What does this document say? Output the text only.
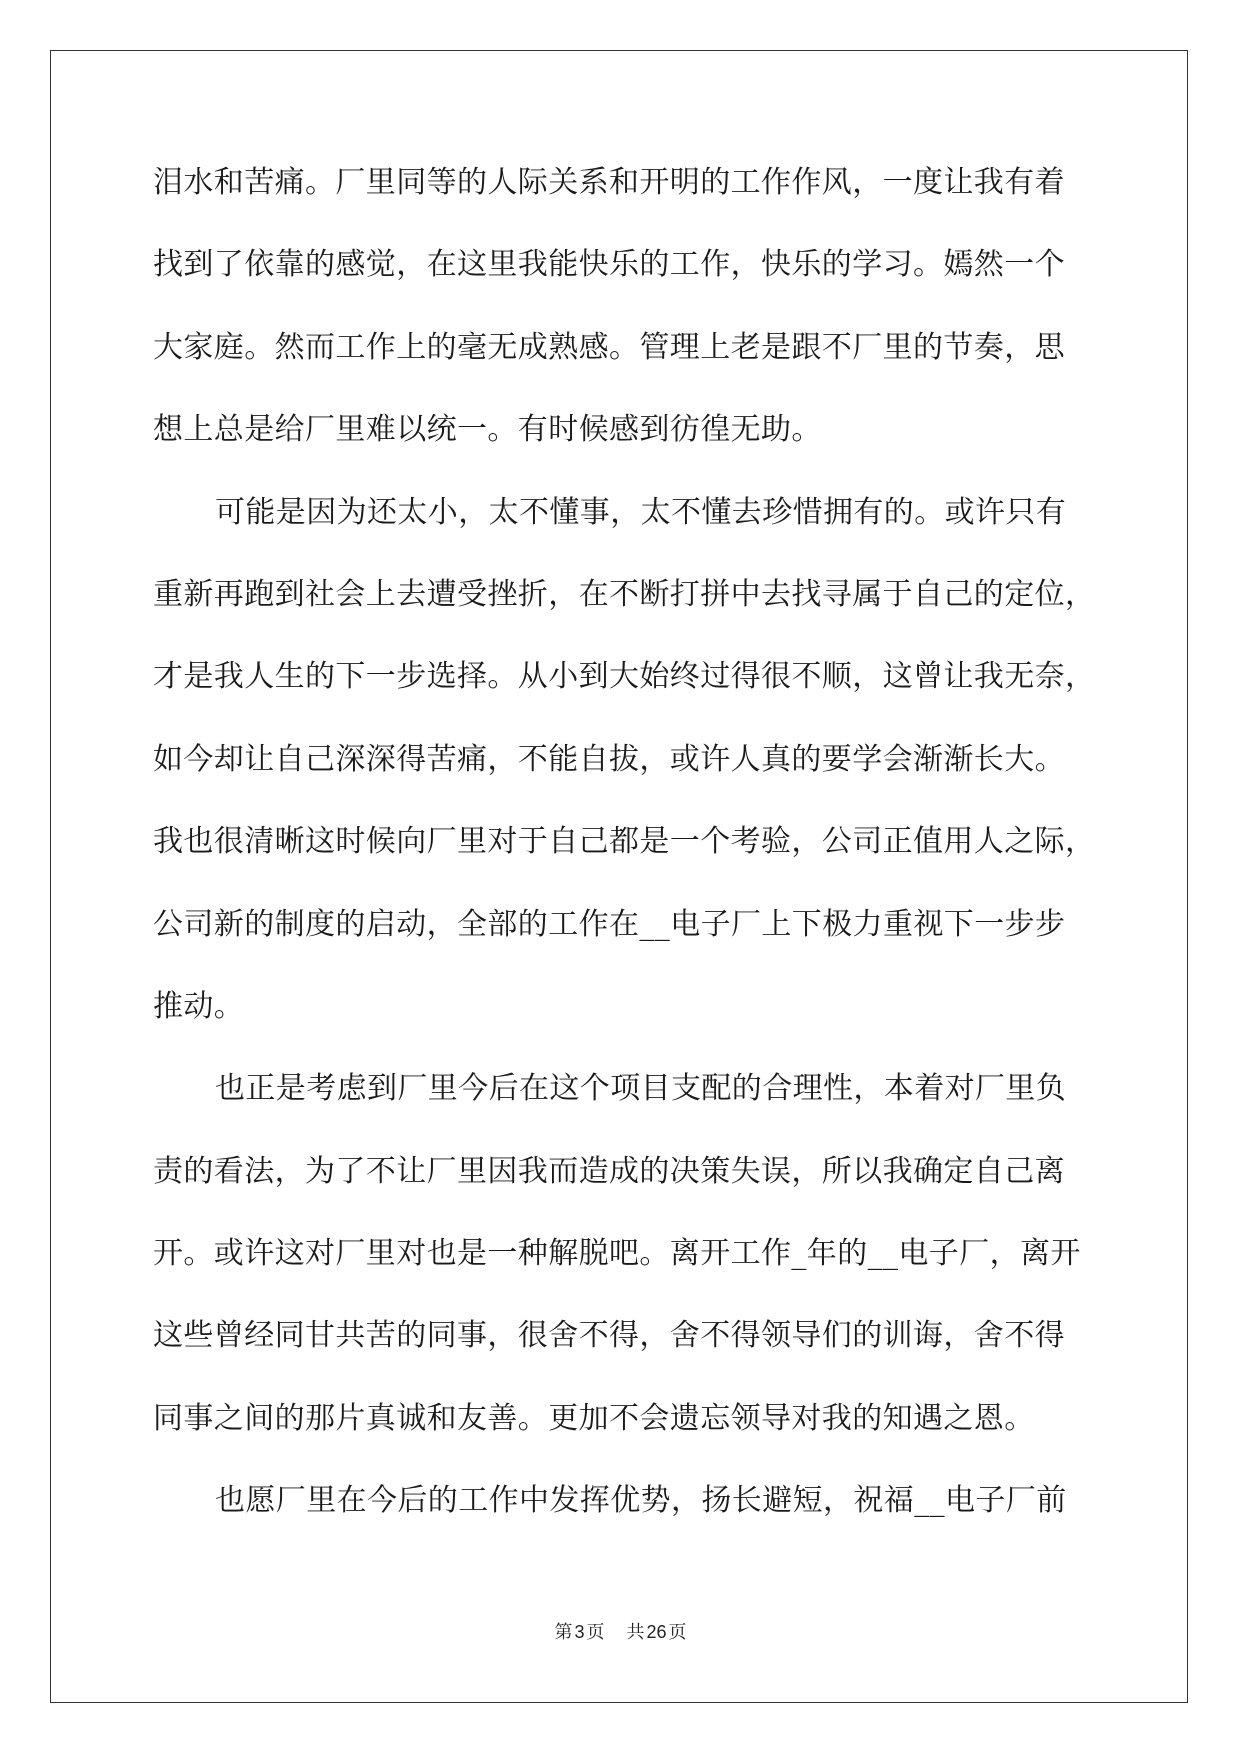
泪水和苦痛。厂里同等的人际关系和开明的工作作风，一度让我有着
找到了依靠的感觉，在这里我能快乐的工作，快乐的学习。嫣然一个
大家庭。然而工作上的毫无成熟感。管理上老是跟不厂里的节奏，思
想上总是给厂里难以统一。有时候感到彷徨无助。
可能是因为还太小，太不懂事，太不懂去珍惜拥有的。或许只有
重新再跑到社会上去遭受挫折，在不断打拼中去找寻属于自己的定位，
才是我人生的下一步选择。从小到大始终过得很不顺，这曾让我无奈，
如今却让自己深深得苦痛，不能自拔，或许人真的要学会渐渐长大。
我也很清晰这时候向厂里对于自己都是一个考验，公司正值用人之际，
公司新的制度的启动，全部的工作在__电子厂上下极力重视下一步步
推动。
也正是考虑到厂里今后在这个项目支配的合理性，本着对厂里负
责的看法，为了不让厂里因我而造成的决策失误，所以我确定自己离
开。或许这对厂里对也是一种解脱吧。离开工作_年的__电子厂，离开
这些曾经同甘共苦的同事，很舍不得，舍不得领导们的训诲，舍不得
同事之间的那片真诚和友善。更加不会遗忘领导对我的知遇之恩。
也愿厂里在今后的工作中发挥优势，扬长避短，祝福__电子厂前
第 3 页 共 26 页
